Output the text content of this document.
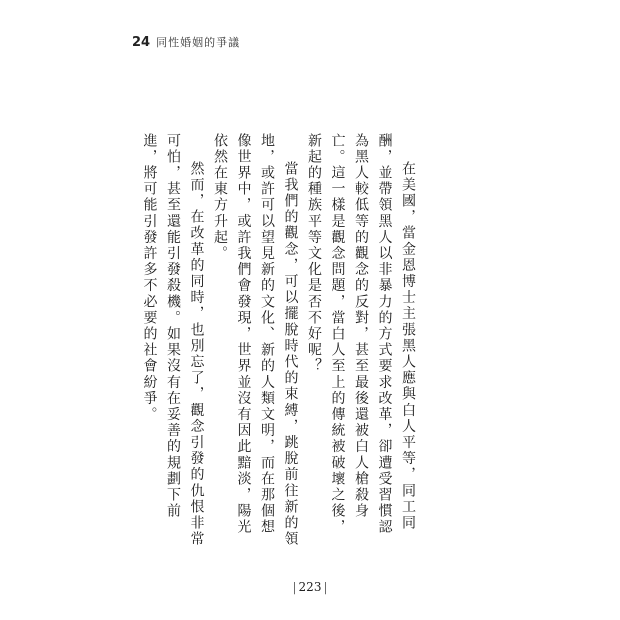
24 同性婚姻的爭議

在美國，當金恩博士主張黑人應與白人平等，同工同酬，並帶領黑人以非暴力的方式要求改革，卻遭受習慣認為黑人較低等的觀念的反對，甚至最後還被白人槍殺身亡。這一樣是觀念問題，當白人至上的傳統被破壞之後，新起的種族平等文化是否不好呢？

當我們的觀念，可以擺脫時代的束縛，跳脫前往新的領地，或許可以望見新的文化、新的人類文明，而在那個想像世界中，或許我們會發現，世界並沒有因此黯淡，陽光依然在東方升起。

然而，在改革的同時，也別忘了，觀念引發的仇恨非常可怕，甚至還能引發殺機。如果沒有在妥善的規劃下前進，將可能引發許多不必要的社會紛爭。

| 223 |
